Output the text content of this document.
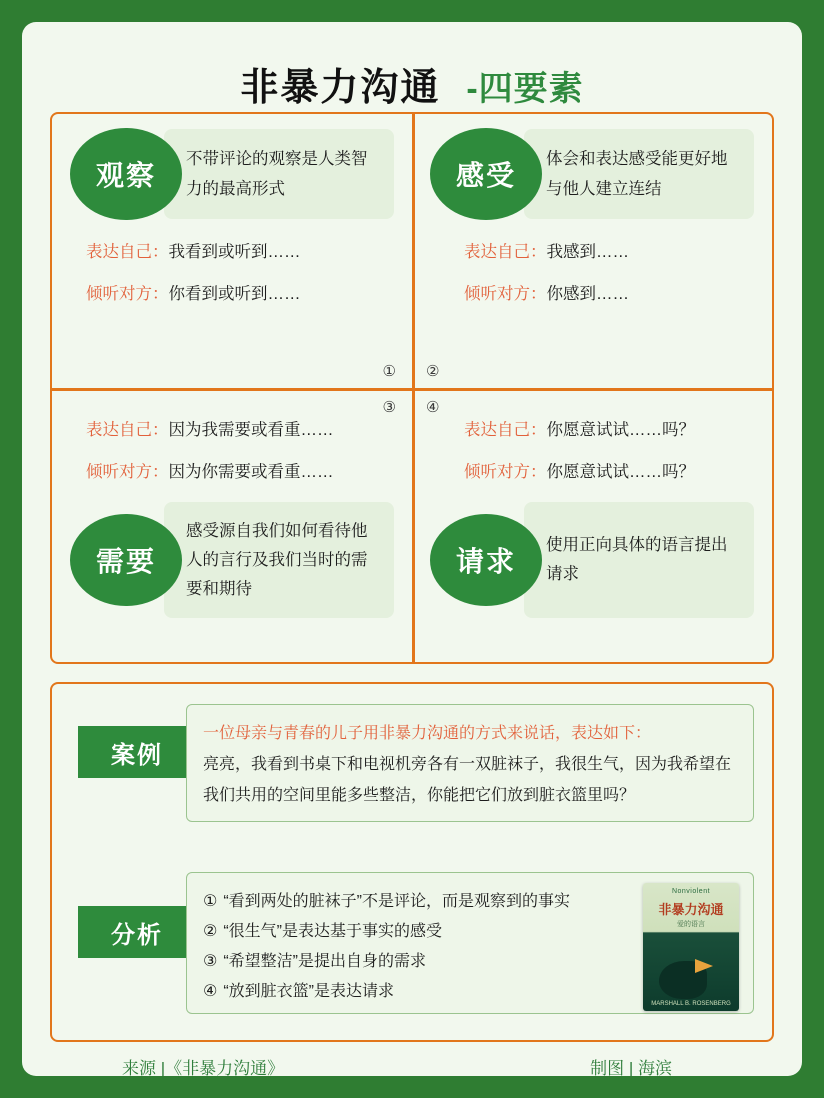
非暴力沟通 -四要素
观察
不带评论的观察是人类智力的最高形式
表达自己：我看到或听到……
倾听对方：你看到或听到……
①
感受
体会和表达感受能更好地与他人建立连结
表达自己：我感到……
倾听对方：你感到……
②
表达自己：因为我需要或看重……
倾听对方：因为你需要或看重……
需要
感受源自我们如何看待他人的言行及我们当时的需要和期待
③
表达自己：你愿意试试……吗？
倾听对方：你愿意试试……吗？
请求
使用正向具体的语言提出请求
④
案例
一位母亲与青春的儿子用非暴力沟通的方式来说话，表达如下：
亮亮，我看到书桌下和电视机旁各有一双脏袜子，我很生气，因为我希望在我们共用的空间里能多些整洁，你能把它们放到脏衣篮里吗？
分析
① “看到两处的脏袜子”不是评论，而是观察到的事实
② “很生气”是表达基于事实的感受
③ “希望整洁”是提出自身的需求
④ “放到脏衣篮”是表达请求
Nonviolent
非暴力沟通
爱的语言
MARSHALL B. ROSENBERG
来源 |《非暴力沟通》	制图 | 海滨
